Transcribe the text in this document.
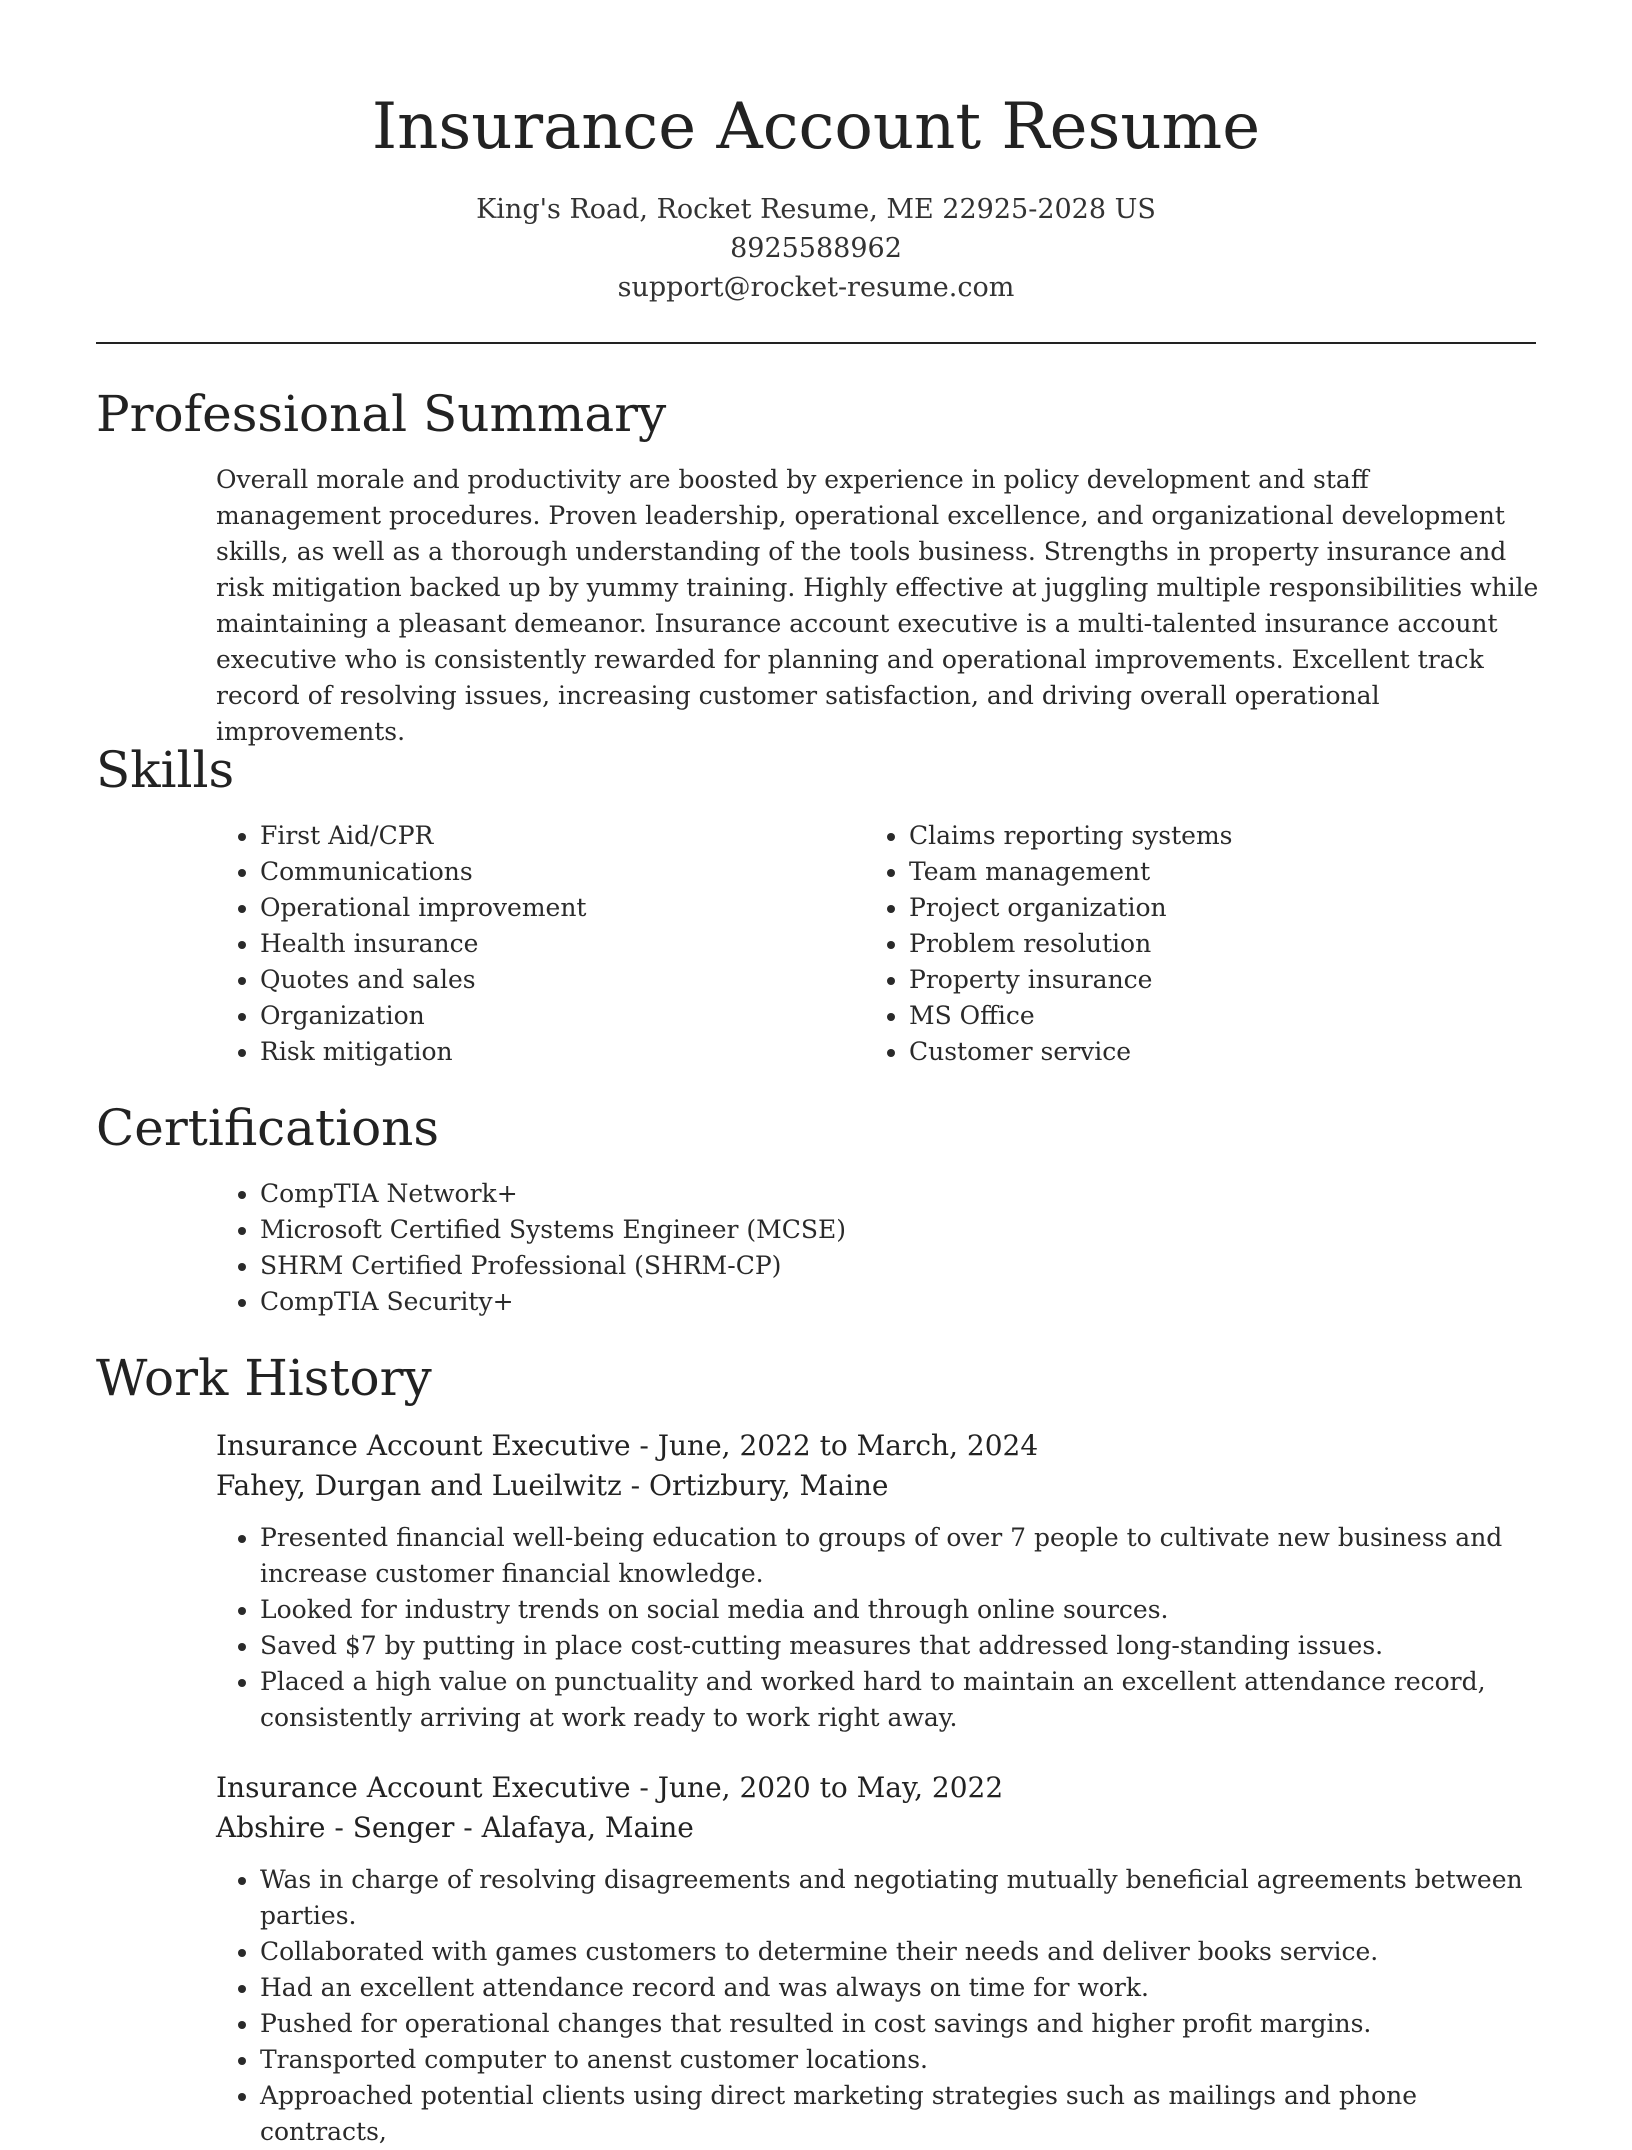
Insurance Account Resume
King's Road, Rocket Resume, ME 22925-2028 US
8925588962
support@rocket-resume.com
Professional Summary

Overall morale and productivity are boosted by experience in policy development and staff management procedures. Proven leadership, operational excellence, and organizational development skills, as well as a thorough understanding of the tools business. Strengths in property insurance and risk mitigation backed up by yummy training. Highly effective at juggling multiple responsibilities while maintaining a pleasant demeanor. Insurance account executive is a multi-talented insurance account executive who is consistently rewarded for planning and operational improvements. Excellent track record of resolving issues, increasing customer satisfaction, and driving overall operational improvements.

Skills
• First Aid/CPR
• Communications
• Operational improvement
• Health insurance
• Quotes and sales
• Organization
• Risk mitigation
• Claims reporting systems
• Team management
• Project organization
• Problem resolution
• Property insurance
• MS Office
• Customer service
Certifications
• CompTIA Network+
• Microsoft Certified Systems Engineer (MCSE)
• SHRM Certified Professional (SHRM-CP)
• CompTIA Security+
Work History
Insurance Account Executive - June, 2022 to March, 2024
Fahey, Durgan and Lueilwitz - Ortizbury, Maine
• Presented financial well-being education to groups of over 7 people to cultivate new business and increase customer financial knowledge.
• Looked for industry trends on social media and through online sources.
• Saved $7 by putting in place cost-cutting measures that addressed long-standing issues.
• Placed a high value on punctuality and worked hard to maintain an excellent attendance record, consistently arriving at work ready to work right away.
Insurance Account Executive - June, 2020 to May, 2022
Abshire - Senger - Alafaya, Maine
• Was in charge of resolving disagreements and negotiating mutually beneficial agreements between parties.
• Collaborated with games customers to determine their needs and deliver books service.
• Had an excellent attendance record and was always on time for work.
• Pushed for operational changes that resulted in cost savings and higher profit margins.
• Transported computer to anenst customer locations.
• Approached potential clients using direct marketing strategies such as mailings and phone contracts,
